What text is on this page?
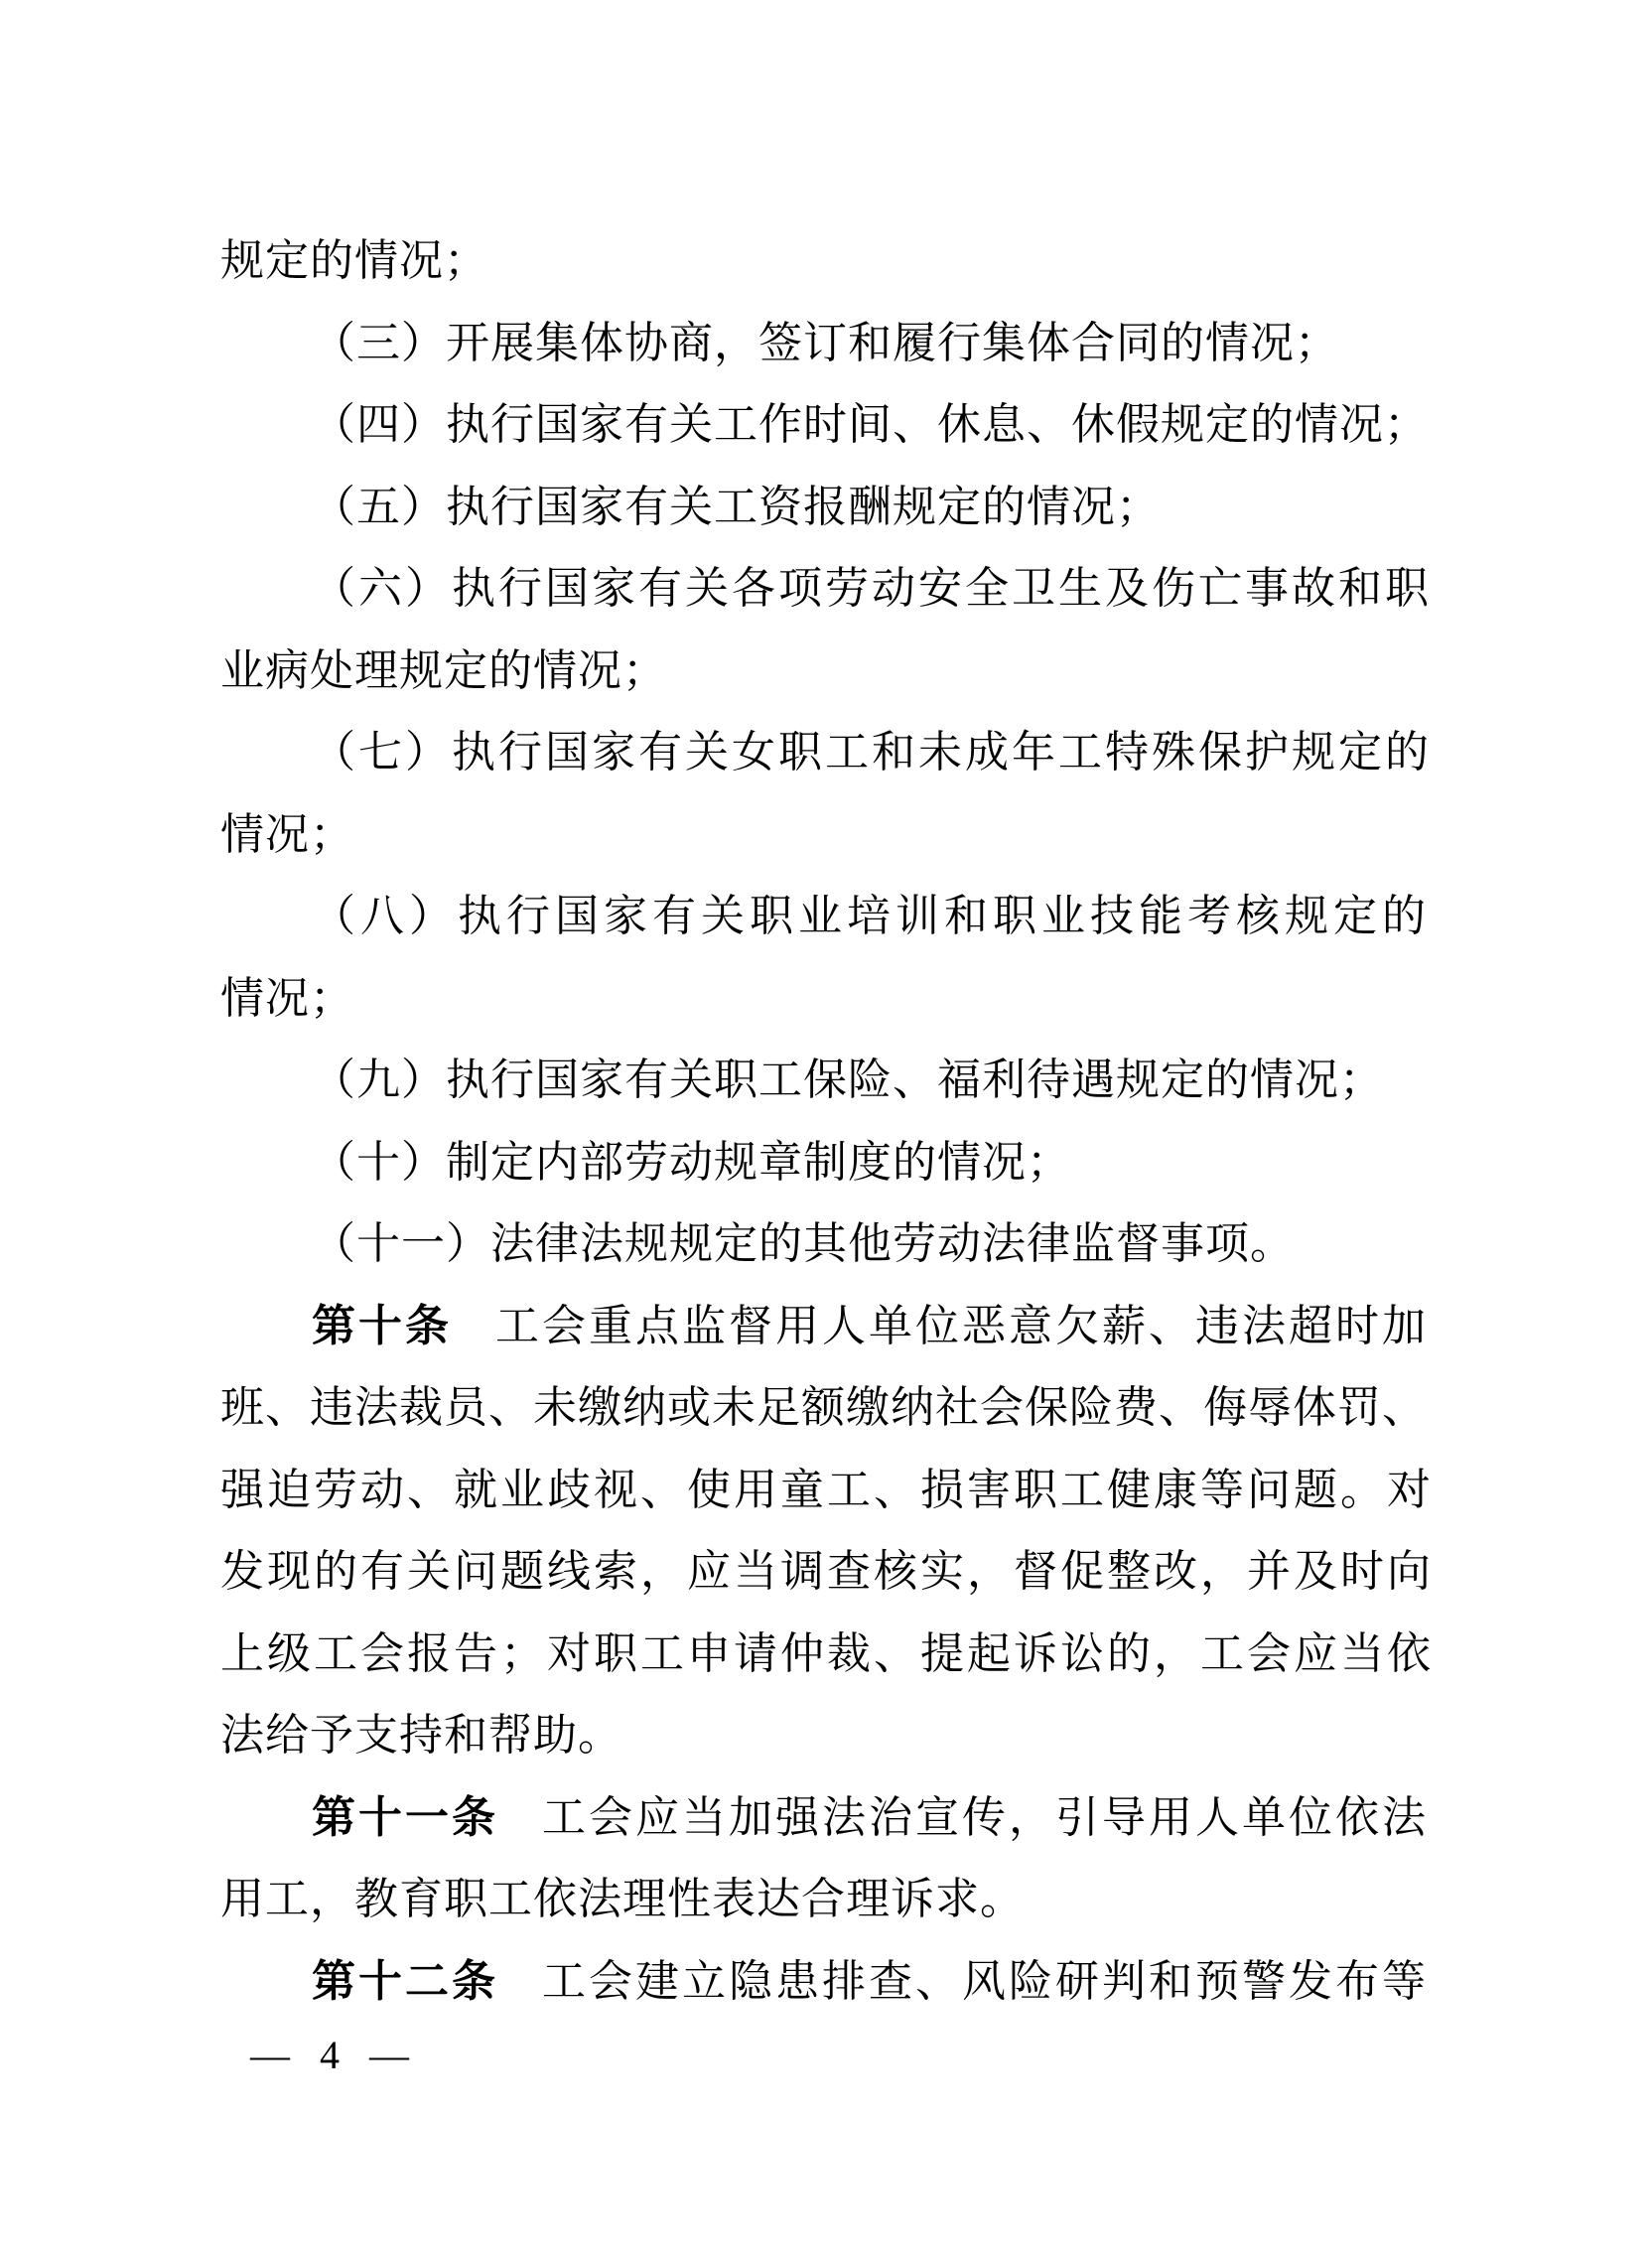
规定的情况；
（三）开展集体协商，签订和履行集体合同的情况；
（四）执行国家有关工作时间、休息、休假规定的情况；
（五）执行国家有关工资报酬规定的情况；
（六）执行国家有关各项劳动安全卫生及伤亡事故和职
业病处理规定的情况；
（七）执行国家有关女职工和未成年工特殊保护规定的
情况；
（八）执行国家有关职业培训和职业技能考核规定的
情况；
（九）执行国家有关职工保险、福利待遇规定的情况；
（十）制定内部劳动规章制度的情况；
（十一）法律法规规定的其他劳动法律监督事项。
第十条 工会重点监督用人单位恶意欠薪、违法超时加
班、违法裁员、未缴纳或未足额缴纳社会保险费、侮辱体罚、
强迫劳动、就业歧视、使用童工、损害职工健康等问题。对
发现的有关问题线索，应当调查核实，督促整改，并及时向
上级工会报告；对职工申请仲裁、提起诉讼的，工会应当依
法给予支持和帮助。
第十一条 工会应当加强法治宣传，引导用人单位依法
用工，教育职工依法理性表达合理诉求。
第十二条 工会建立隐患排查、风险研判和预警发布等
— 4 —
